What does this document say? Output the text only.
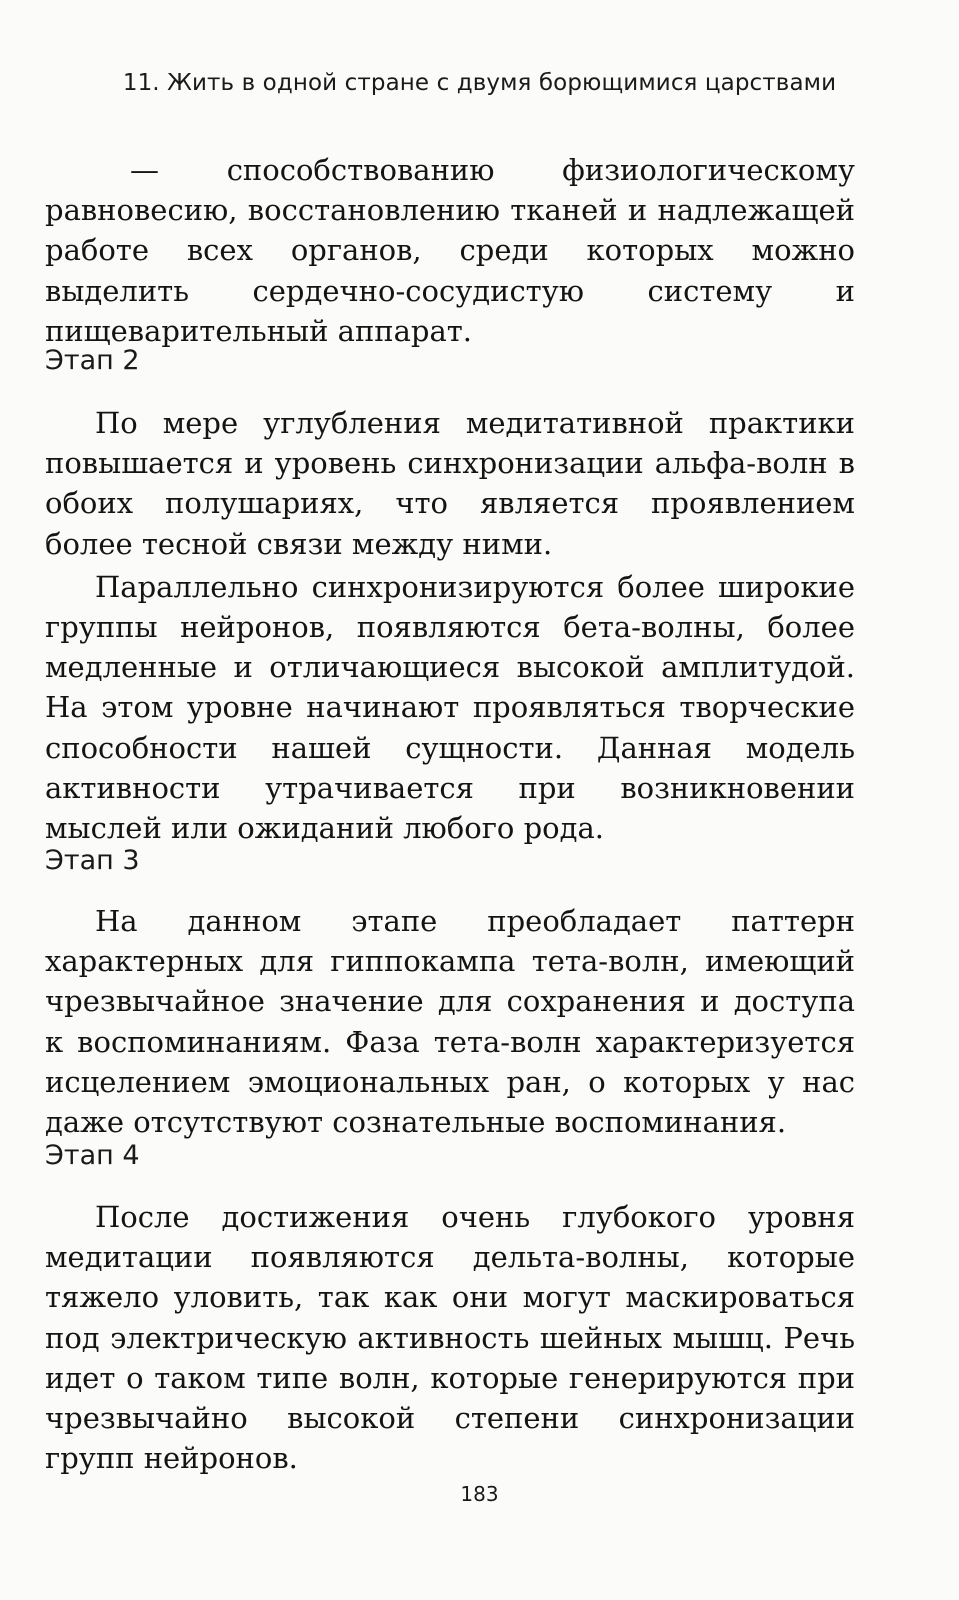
11. Жить в одной стране с двумя борющимися царствами

— способствованию физиологическому равновесию, восстановлению тканей и надлежащей работе всех органов, среди которых можно выделить сердечно-сосудистую систему и пищеварительный аппарат.

Этап 2

По мере углубления медитативной практики повышается и уровень синхронизации альфа-волн в обоих полушариях, что является проявлением более тесной связи между ними.

Параллельно синхронизируются более широкие группы нейронов, появляются бета-волны, более медленные и отличающиеся высокой амплитудой. На этом уровне начинают проявляться творческие способности нашей сущности. Данная модель активности утрачивается при возникновении мыслей или ожиданий любого рода.

Этап 3

На данном этапе преобладает паттерн характерных для гиппокампа тета-волн, имеющий чрезвычайное значение для сохранения и доступа к воспоминаниям. Фаза тета-волн характеризуется исцелением эмоциональных ран, о которых у нас даже отсутствуют сознательные воспоминания.

Этап 4

После достижения очень глубокого уровня медитации появляются дельта-волны, которые тяжело уловить, так как они могут маскироваться под электрическую активность шейных мышц. Речь идет о таком типе волн, которые генерируются при чрезвычайно высокой степени синхронизации групп нейронов.

183
